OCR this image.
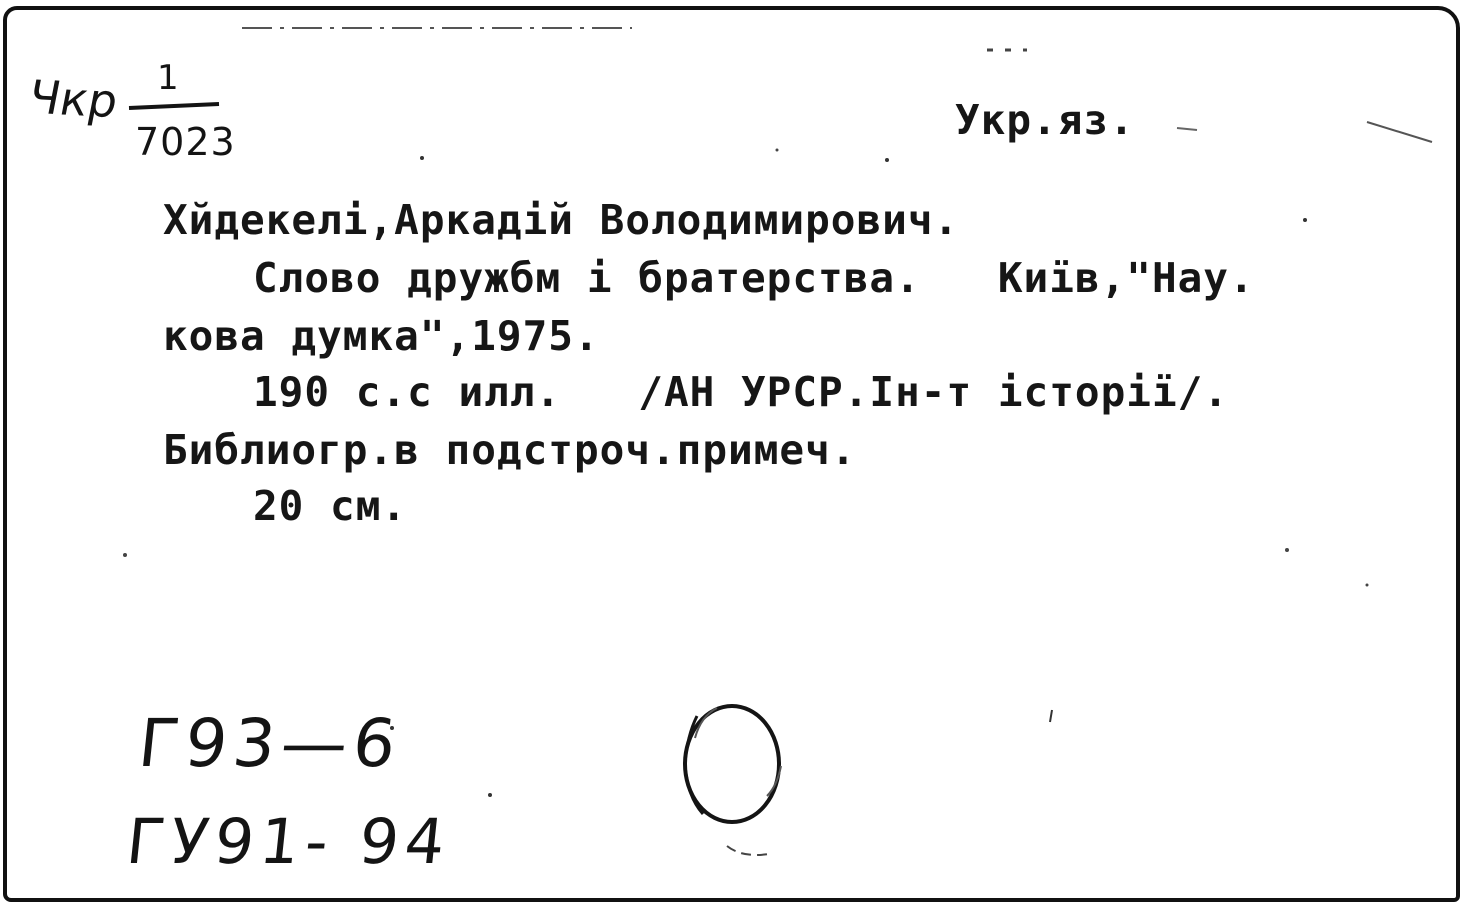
Чкр 1
7023	Укр.яз.
Хйдекелі,Аркадій Володимирович.
Слово дружбм і братерства.   Київ,"Нау.
кова думка",1975.
190 с.с илл.   /АН УРСР.Ін-т історії/.
Библиогр.в подстроч.примеч.
20 см.
Г93—6
ГУ91- 94
